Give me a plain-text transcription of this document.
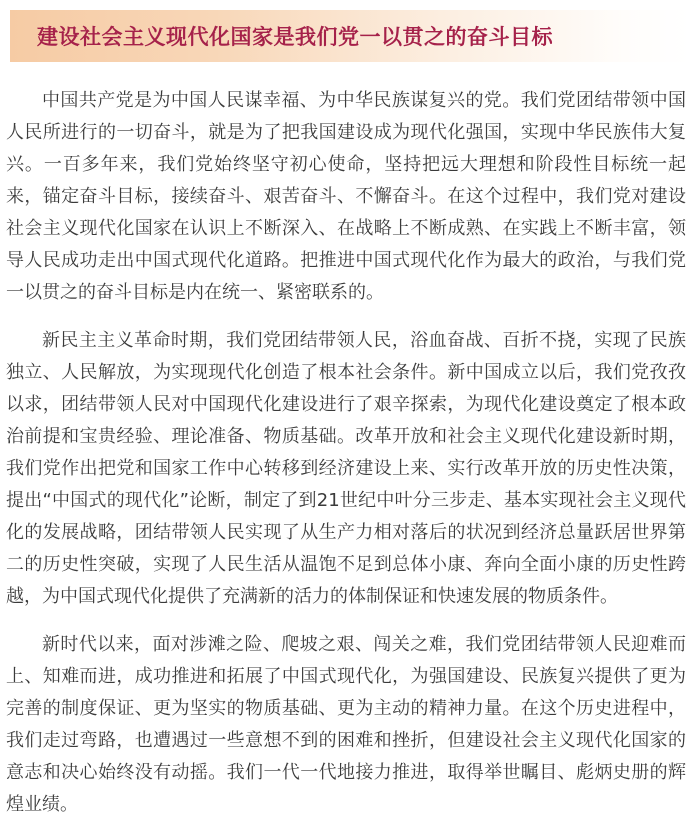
建设社会主义现代化国家是我们党一以贯之的奋斗目标

中国共产党是为中国人民谋幸福、为中华民族谋复兴的党。我们党团结带领中国人民所进行的一切奋斗，就是为了把我国建设成为现代化强国，实现中华民族伟大复兴。一百多年来，我们党始终坚守初心使命，坚持把远大理想和阶段性目标统一起来，锚定奋斗目标，接续奋斗、艰苦奋斗、不懈奋斗。在这个过程中，我们党对建设社会主义现代化国家在认识上不断深入、在战略上不断成熟、在实践上不断丰富，领导人民成功走出中国式现代化道路。把推进中国式现代化作为最大的政治，与我们党一以贯之的奋斗目标是内在统一、紧密联系的。

新民主主义革命时期，我们党团结带领人民，浴血奋战、百折不挠，实现了民族独立、人民解放，为实现现代化创造了根本社会条件。新中国成立以后，我们党孜孜以求，团结带领人民对中国现代化建设进行了艰辛探索，为现代化建设奠定了根本政治前提和宝贵经验、理论准备、物质基础。改革开放和社会主义现代化建设新时期，我们党作出把党和国家工作中心转移到经济建设上来、实行改革开放的历史性决策，提出“中国式的现代化”论断，制定了到21世纪中叶分三步走、基本实现社会主义现代化的发展战略，团结带领人民实现了从生产力相对落后的状况到经济总量跃居世界第二的历史性突破，实现了人民生活从温饱不足到总体小康、奔向全面小康的历史性跨越，为中国式现代化提供了充满新的活力的体制保证和快速发展的物质条件。

新时代以来，面对涉滩之险、爬坡之艰、闯关之难，我们党团结带领人民迎难而上、知难而进，成功推进和拓展了中国式现代化，为强国建设、民族复兴提供了更为完善的制度保证、更为坚实的物质基础、更为主动的精神力量。在这个历史进程中，我们走过弯路，也遭遇过一些意想不到的困难和挫折，但建设社会主义现代化国家的意志和决心始终没有动摇。我们一代一代地接力推进，取得举世瞩目、彪炳史册的辉煌业绩。
